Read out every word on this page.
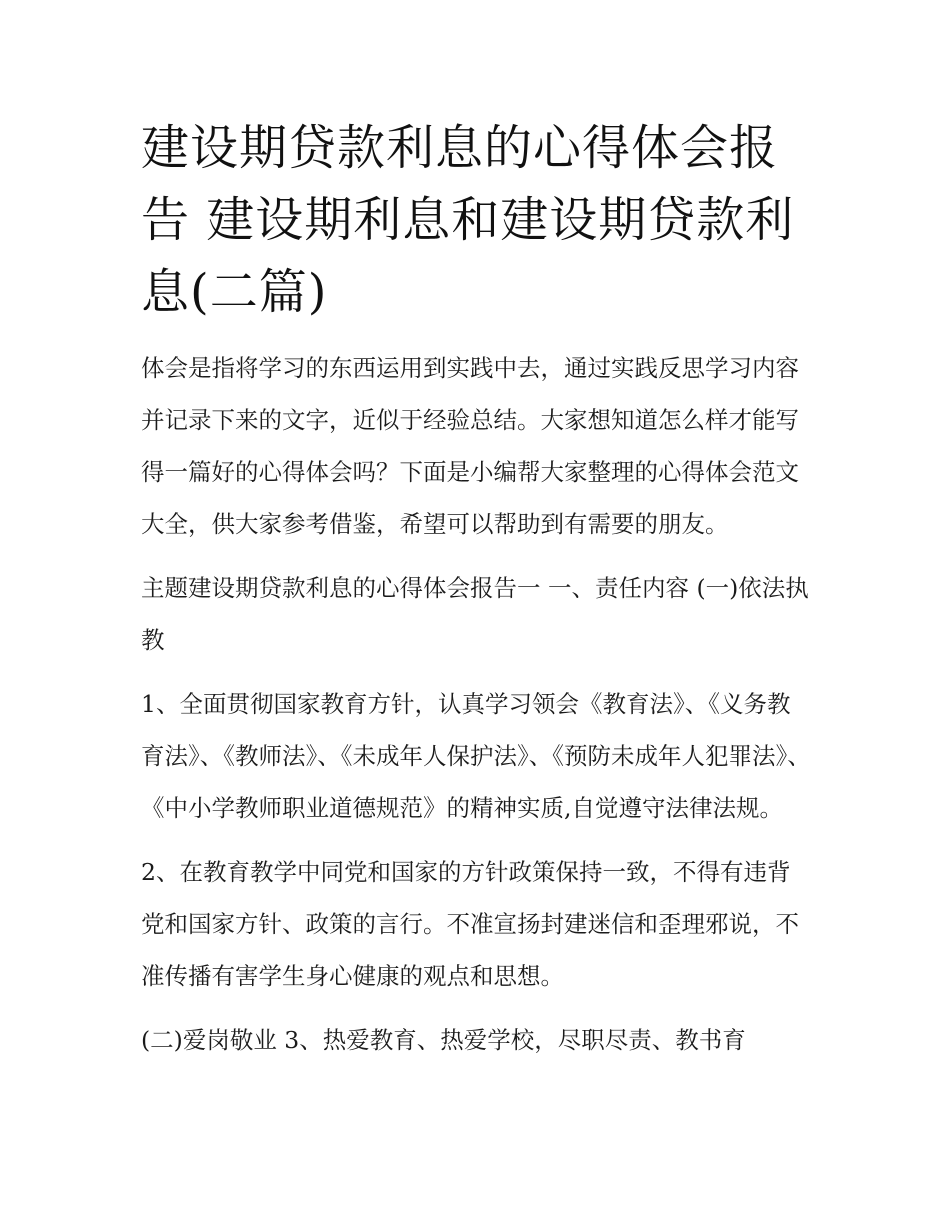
建设期贷款利息的心得体会报告 建设期利息和建设期贷款利息(二篇)

体会是指将学习的东西运用到实践中去，通过实践反思学习内容并记录下来的文字，近似于经验总结。大家想知道怎么样才能写得一篇好的心得体会吗？下面是小编帮大家整理的心得体会范文大全，供大家参考借鉴，希望可以帮助到有需要的朋友。

主题建设期贷款利息的心得体会报告一 一、责任内容 (一)依法执教

1、全面贯彻国家教育方针，认真学习领会《教育法》、《义务教育法》、《教师法》、《未成年人保护法》、《预防未成年人犯罪法》、《中小学教师职业道德规范》的精神实质,自觉遵守法律法规。

2、在教育教学中同党和国家的方针政策保持一致，不得有违背党和国家方针、政策的言行。不准宣扬封建迷信和歪理邪说，不准传播有害学生身心健康的观点和思想。

(二)爱岗敬业 3、热爱教育、热爱学校，尽职尽责、教书育
